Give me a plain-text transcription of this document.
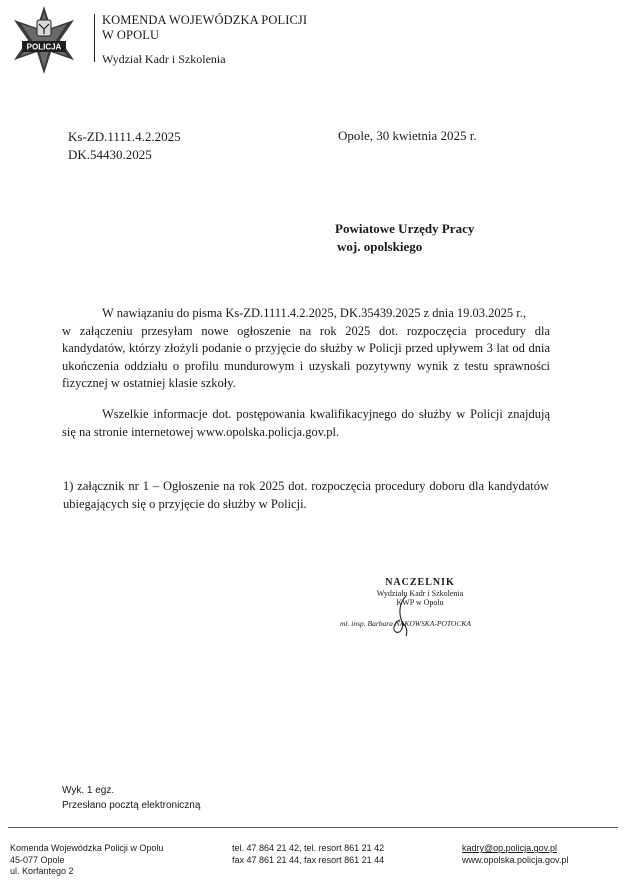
POLICJA
KOMENDA WOJEWÓDZKA POLICJI
W OPOLU
Wydział Kadr i Szkolenia
Ks-ZD.1111.4.2.2025
DK.54430.2025
Opole, 30 kwietnia 2025 r.
Powiatowe Urzędy Pracy
woj. opolskiego
W nawiązaniu do pisma Ks-ZD.1111.4.2.2025, DK.35439.2025 z dnia 19.03.2025 r.,
w załączeniu przesyłam nowe ogłoszenie na rok 2025 dot. rozpoczęcia procedury dla kandydatów, którzy złożyli podanie o przyjęcie do służby w Policji przed upływem 3 lat od dnia ukończenia oddziału o profilu mundurowym i uzyskali pozytywny wynik z testu sprawności fizycznej w ostatniej klasie szkoły.
Wszelkie informacje dot. postępowania kwalifikacyjnego do służby w Policji znajdują się na stronie internetowej www.opolska.policja.gov.pl.
1) załącznik nr 1 – Ogłoszenie na rok 2025 dot. rozpoczęcia procedury doboru dla kandydatów ubiegających się o przyjęcie do służby w Policji.
NACZELNIK
Wydziału Kadr i Szkolenia
KWP w Opolu
mł. insp. Barbara NAKOWSKA-POTOCKA
Wyk. 1 egz.
Przesłano pocztą elektroniczną
Komenda Wojewódzka Policji w Opolu
45-077 Opole
ul. Korfantego 2
tel. 47 864 21 42, tel. resort 861 21 42
fax 47 861 21 44, fax resort 861 21 44
kadry@op.policja.gov.pl
www.opolska.policja.gov.pl
